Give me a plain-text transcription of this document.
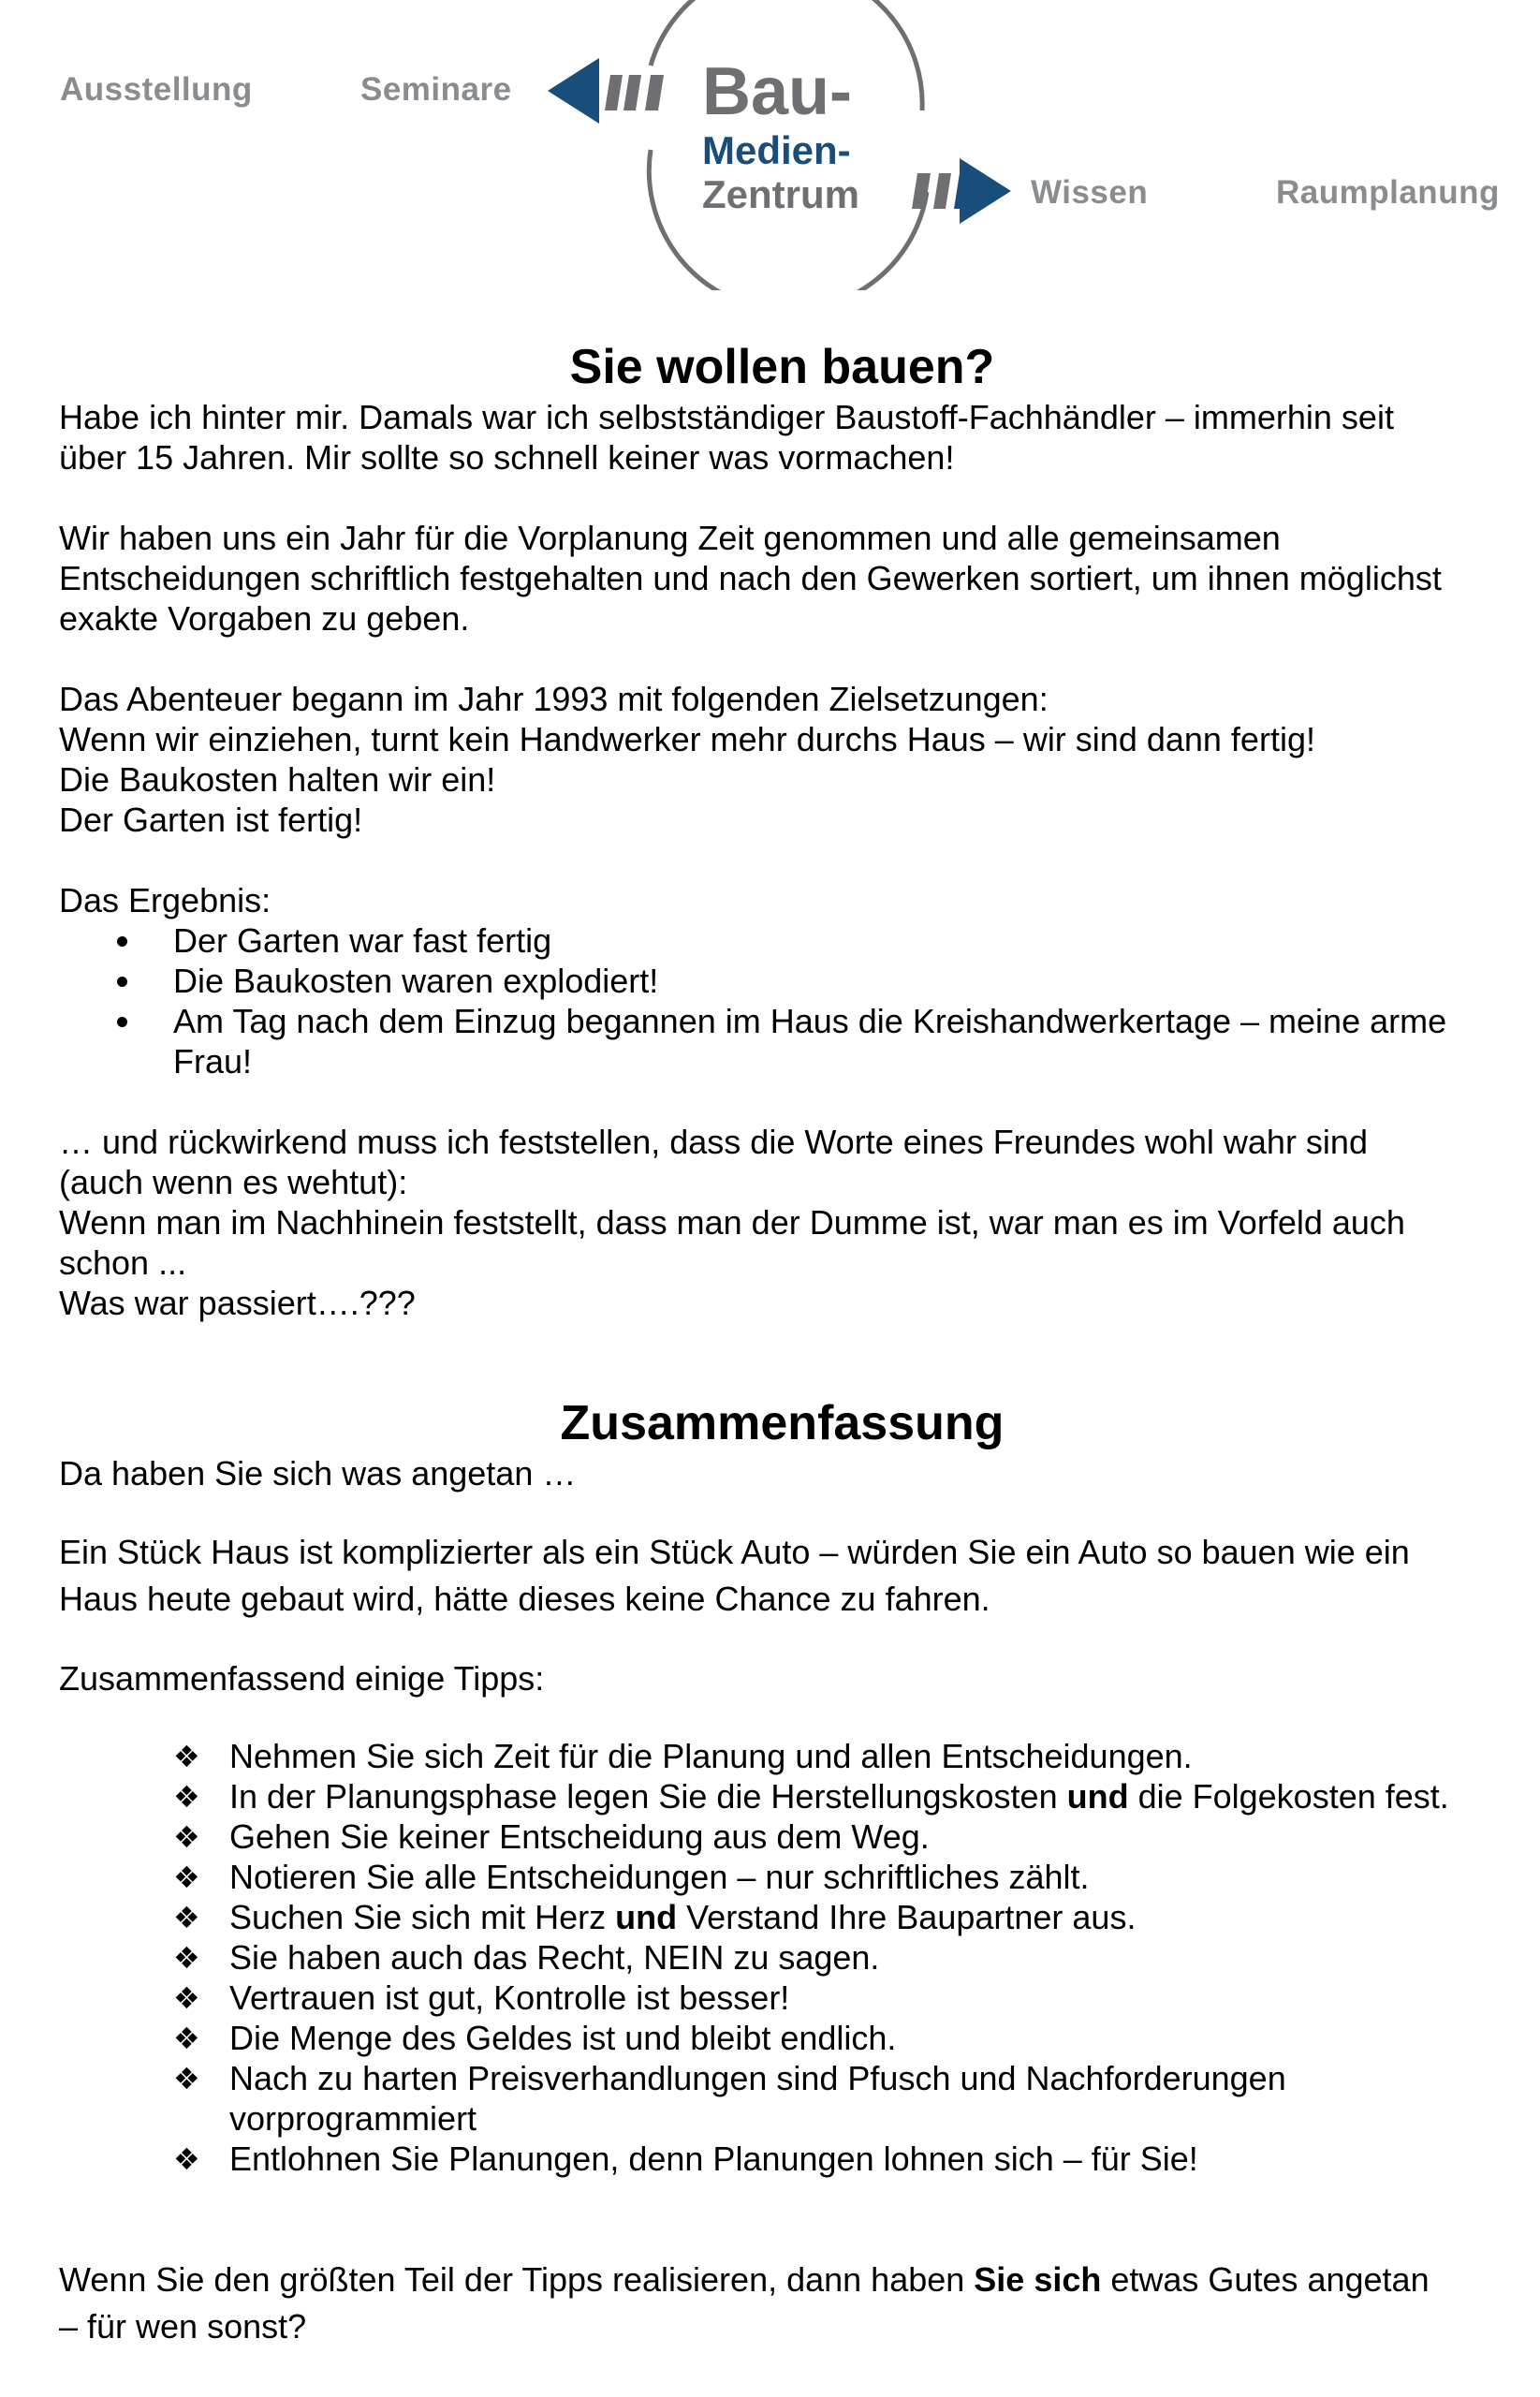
Ausstellung	Seminare
Wissen	Raumplanung
Bau-
Medien-
Zentrum
Sie wollen bauen?

Habe ich hinter mir. Damals war ich selbstständiger Baustoff-Fachhändler – immerhin seit
über 15 Jahren. Mir sollte so schnell keiner was vormachen!

Wir haben uns ein Jahr für die Vorplanung Zeit genommen und alle gemeinsamen
Entscheidungen schriftlich festgehalten und nach den Gewerken sortiert, um ihnen möglichst
exakte Vorgaben zu geben.

Das Abenteuer begann im Jahr 1993 mit folgenden Zielsetzungen:
Wenn wir einziehen, turnt kein Handwerker mehr durchs Haus – wir sind dann fertig!
Die Baukosten halten wir ein!
Der Garten ist fertig!

Das Ergebnis:

Der Garten war fast fertig
Die Baukosten waren explodiert!
Am Tag nach dem Einzug begannen im Haus die Kreishandwerkertage – meine arme
Frau!

… und rückwirkend muss ich feststellen, dass die Worte eines Freundes wohl wahr sind
(auch wenn es wehtut):
Wenn man im Nachhinein feststellt, dass man der Dumme ist, war man es im Vorfeld auch
schon ...
Was war passiert….???

Zusammenfassung

Da haben Sie sich was angetan …

Ein Stück Haus ist komplizierter als ein Stück Auto – würden Sie ein Auto so bauen wie ein
Haus heute gebaut wird, hätte dieses keine Chance zu fahren.

Zusammenfassend einige Tipps:

❖ Nehmen Sie sich Zeit für die Planung und allen Entscheidungen.
❖ In der Planungsphase legen Sie die Herstellungskosten und die Folgekosten fest.
❖ Gehen Sie keiner Entscheidung aus dem Weg.
❖ Notieren Sie alle Entscheidungen – nur schriftliches zählt.
❖ Suchen Sie sich mit Herz und Verstand Ihre Baupartner aus.
❖ Sie haben auch das Recht, NEIN zu sagen.
❖ Vertrauen ist gut, Kontrolle ist besser!
❖ Die Menge des Geldes ist und bleibt endlich.
❖ Nach zu harten Preisverhandlungen sind Pfusch und Nachforderungen
vorprogrammiert
❖ Entlohnen Sie Planungen, denn Planungen lohnen sich – für Sie!

Wenn Sie den größten Teil der Tipps realisieren, dann haben Sie sich etwas Gutes angetan
– für wen sonst?
